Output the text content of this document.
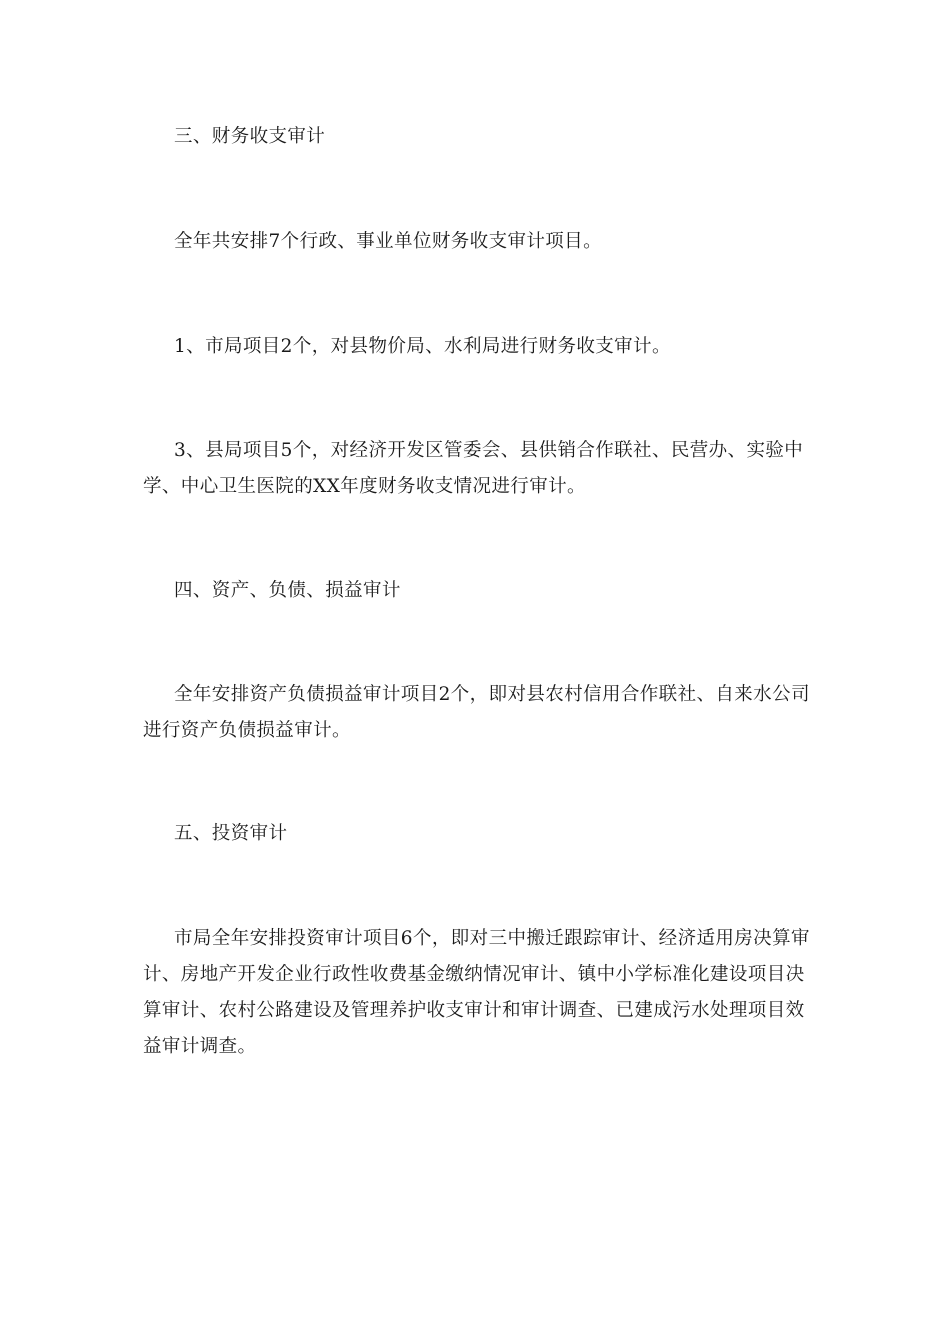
三、财务收支审计

全年共安排7个行政、事业单位财务收支审计项目。

1、市局项目2个，对县物价局、水利局进行财务收支审计。

3、县局项目5个，对经济开发区管委会、县供销合作联社、民营办、实验中学、中心卫生医院的XX年度财务收支情况进行审计。

四、资产、负债、损益审计

全年安排资产负债损益审计项目2个，即对县农村信用合作联社、自来水公司进行资产负债损益审计。

五、投资审计

市局全年安排投资审计项目6个，即对三中搬迁跟踪审计、经济适用房决算审计、房地产开发企业行政性收费基金缴纳情况审计、镇中小学标准化建设项目决算审计、农村公路建设及管理养护收支审计和审计调查、已建成污水处理项目效益审计调查。
